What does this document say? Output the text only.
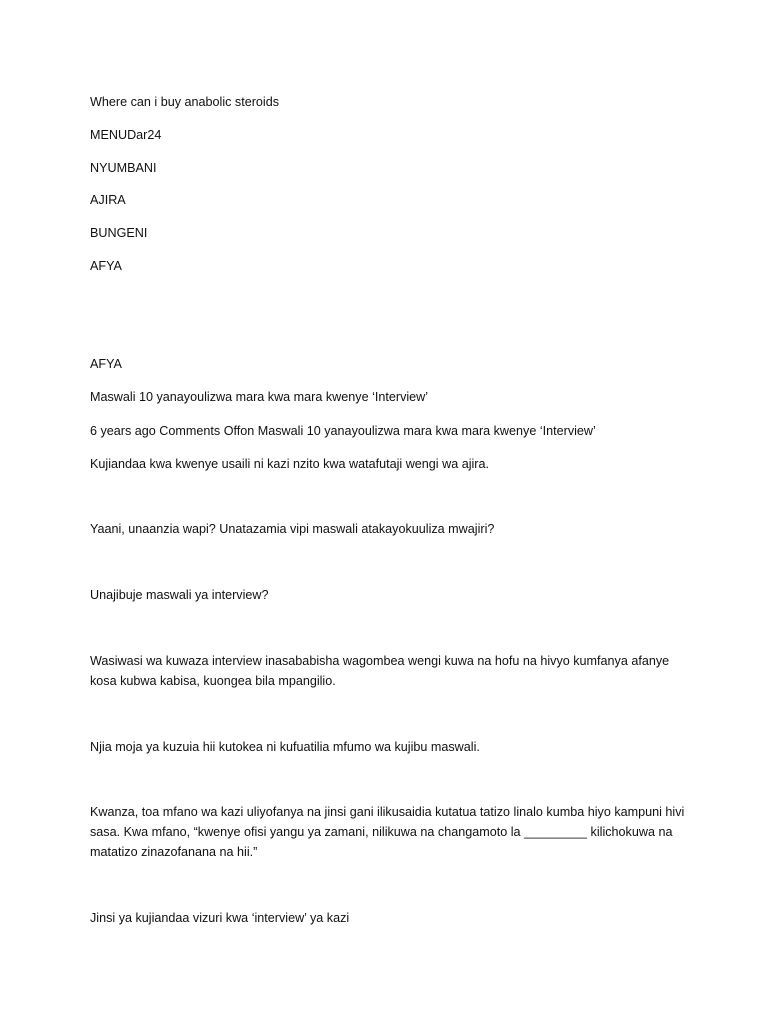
Where can i buy anabolic steroids

MENUDar24

NYUMBANI

AJIRA

BUNGENI

AFYA

AFYA

Maswali 10 yanayoulizwa mara kwa mara kwenye ‘Interview’

6 years ago Comments Offon Maswali 10 yanayoulizwa mara kwa mara kwenye ‘Interview’

Kujiandaa kwa kwenye usaili ni kazi nzito kwa watafutaji wengi wa ajira.

Yaani, unaanzia wapi? Unatazamia vipi maswali atakayokuuliza mwajiri?

Unajibuje maswali ya interview?

Wasiwasi wa kuwaza interview inasababisha wagombea wengi kuwa na hofu na hivyo kumfanya afanye kosa kubwa kabisa, kuongea bila mpangilio.

Njia moja ya kuzuia hii kutokea ni kufuatilia mfumo wa kujibu maswali.

Kwanza, toa mfano wa kazi uliyofanya na jinsi gani ilikusaidia kutatua tatizo linalo kumba hiyo kampuni hivi sasa. Kwa mfano, “kwenye ofisi yangu ya zamani, nilikuwa na changamoto la _________ kilichokuwa na matatizo zinazofanana na hii.”

Jinsi ya kujiandaa vizuri kwa ‘interview’ ya kazi
